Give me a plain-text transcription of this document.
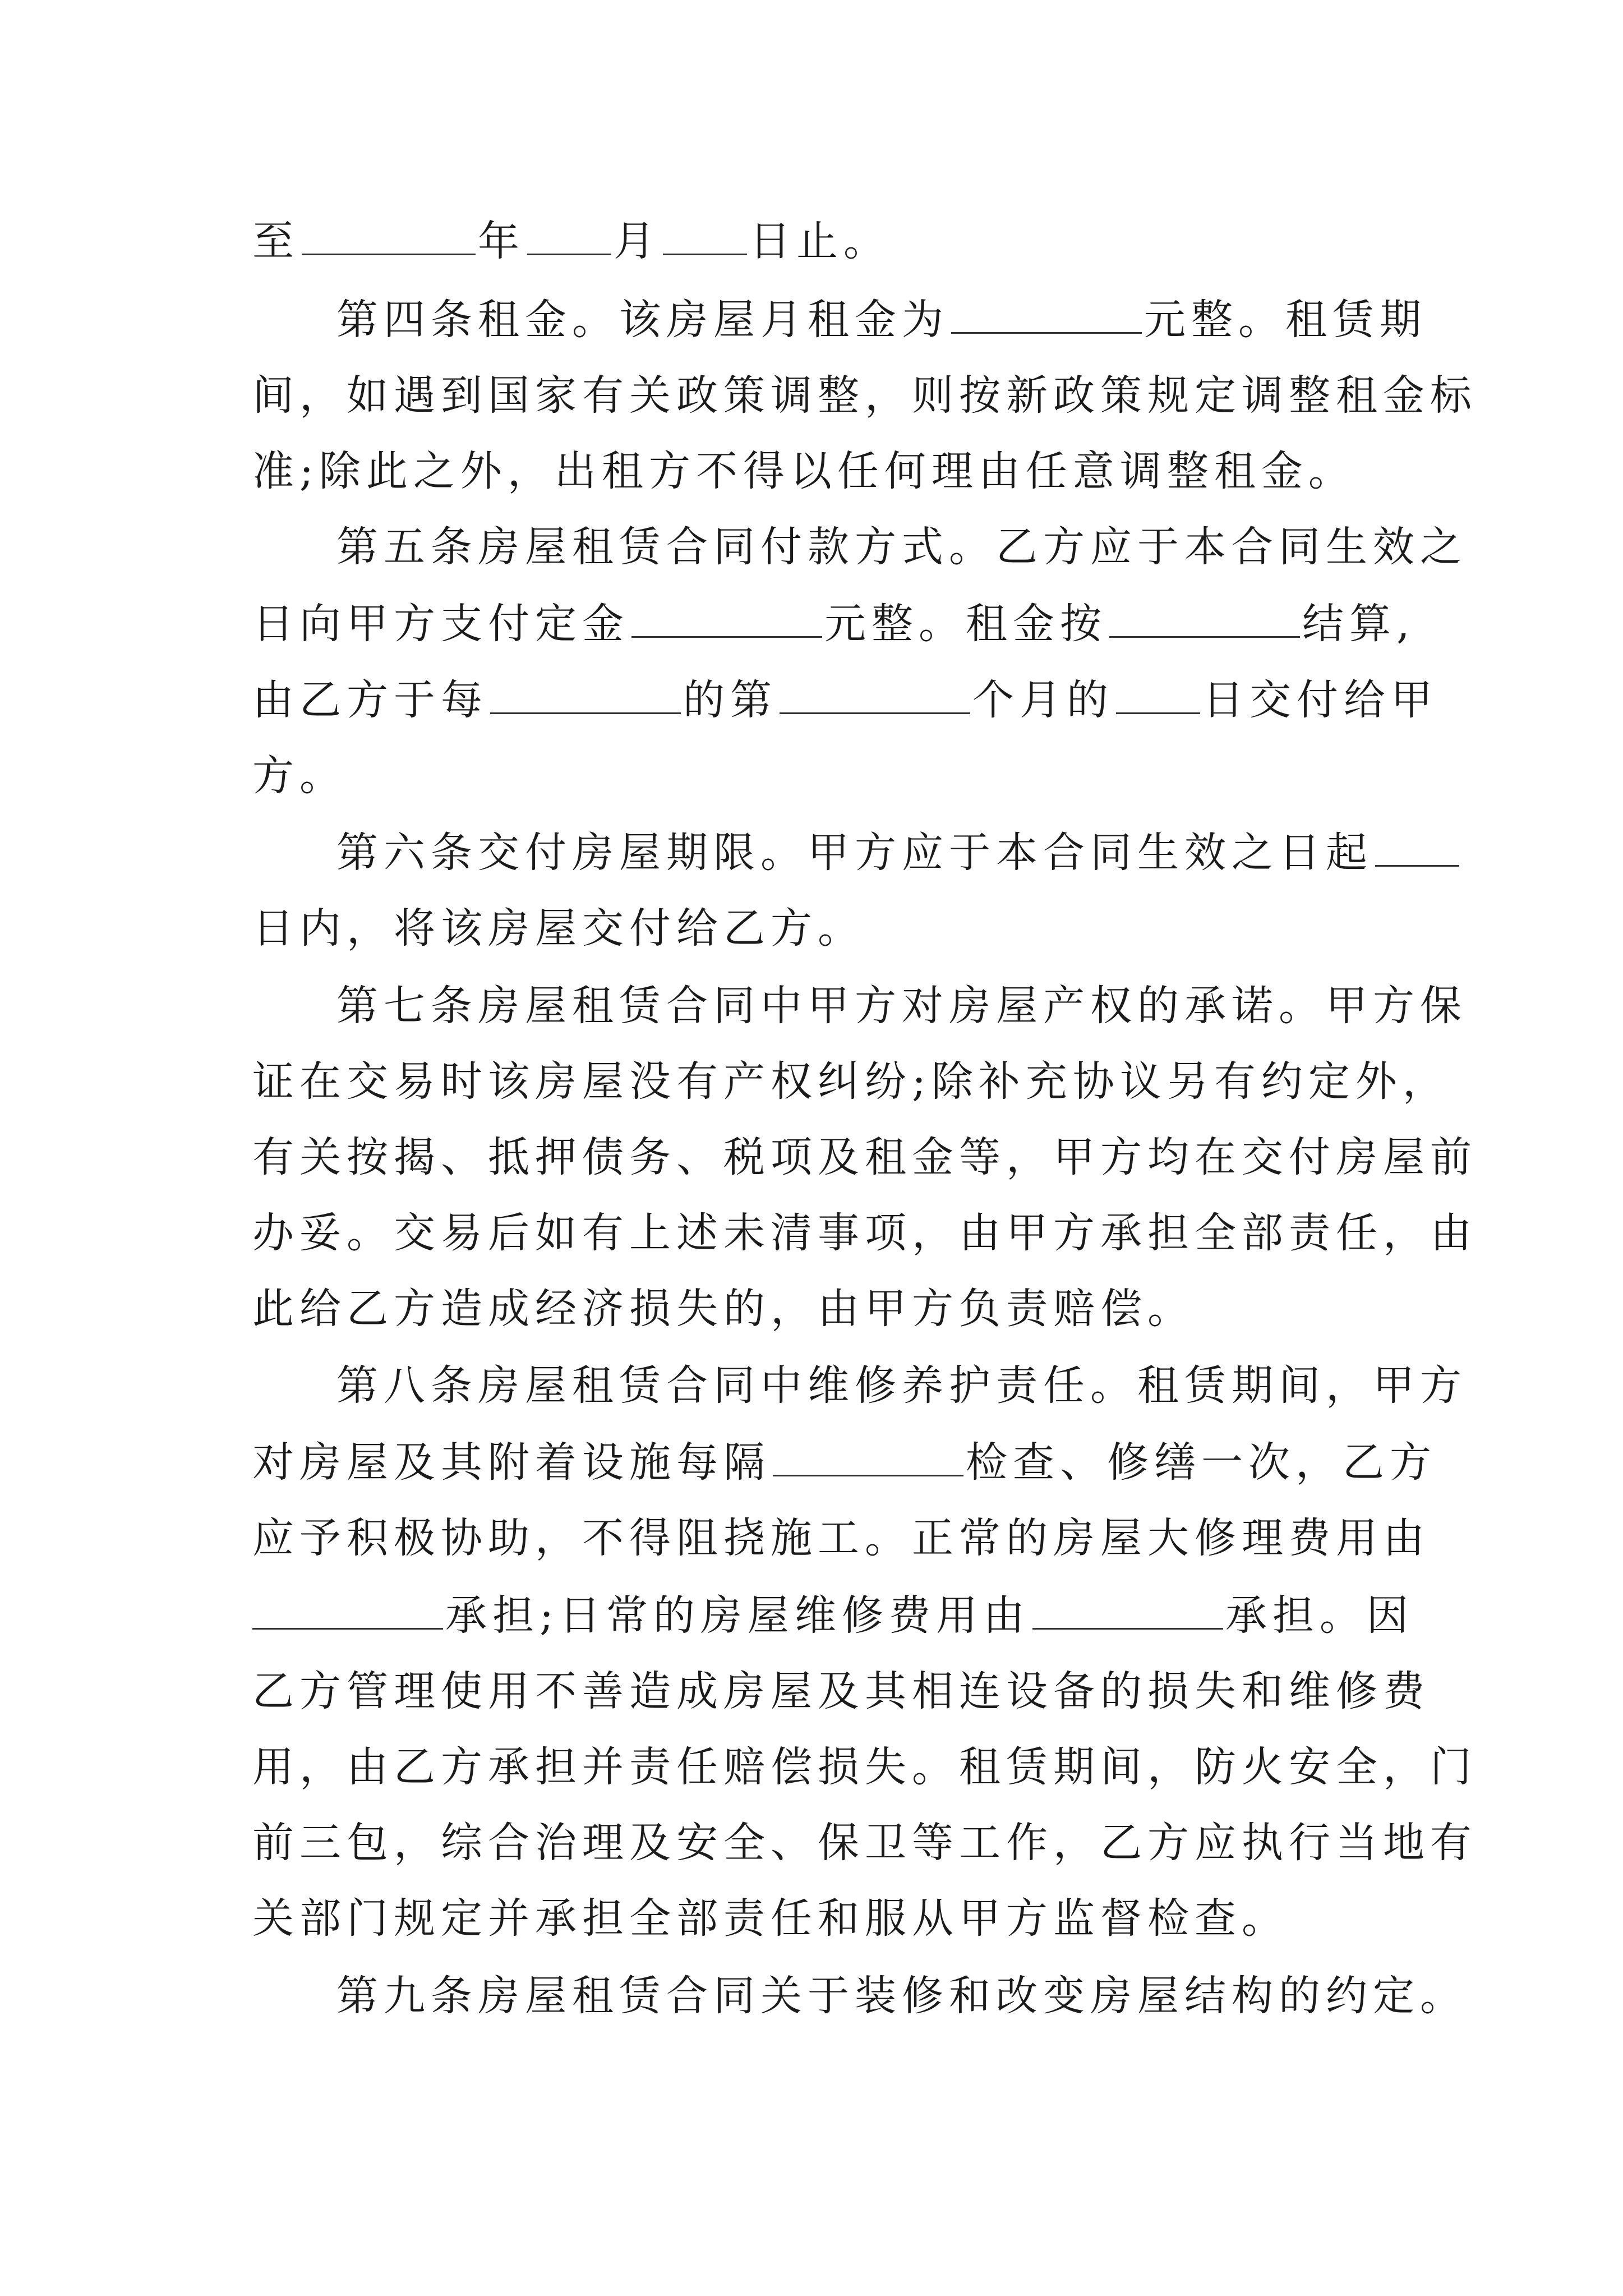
至	年 月 日止。
第四条租金。该房屋月租金为	元整。租赁期
间，如遇到国家有关政策调整，则按新政策规定调整租金标
准;除此之外，出租方不得以任何理由任意调整租金。
第五条房屋租赁合同付款方式。乙方应于本合同生效之
日向甲方支付定金	元整。租金按	结算,
由乙方于每	的第	个月的 日交付给甲
方。
第六条交付房屋期限。甲方应于本合同生效之日起
日内，将该房屋交付给乙方。
第七条房屋租赁合同中甲方对房屋产权的承诺。甲方保
证在交易时该房屋没有产权纠纷;除补充协议另有约定外，
有关按揭、抵押债务、税项及租金等，甲方均在交付房屋前
办妥。交易后如有上述未清事项，由甲方承担全部责任，由
此给乙方造成经济损失的，由甲方负责赔偿。
第八条房屋租赁合同中维修养护责任。租赁期间，甲方
对房屋及其附着设施每隔	检查、修缮一次，乙方
应予积极协助，不得阻挠施工。正常的房屋大修理费用由
承担;日常的房屋维修费用由	承担。因
乙方管理使用不善造成房屋及其相连设备的损失和维修费
用，由乙方承担并责任赔偿损失。租赁期间，防火安全，门
前三包，综合治理及安全、保卫等工作，乙方应执行当地有
关部门规定并承担全部责任和服从甲方监督检查。
第九条房屋租赁合同关于装修和改变房屋结构的约定。
